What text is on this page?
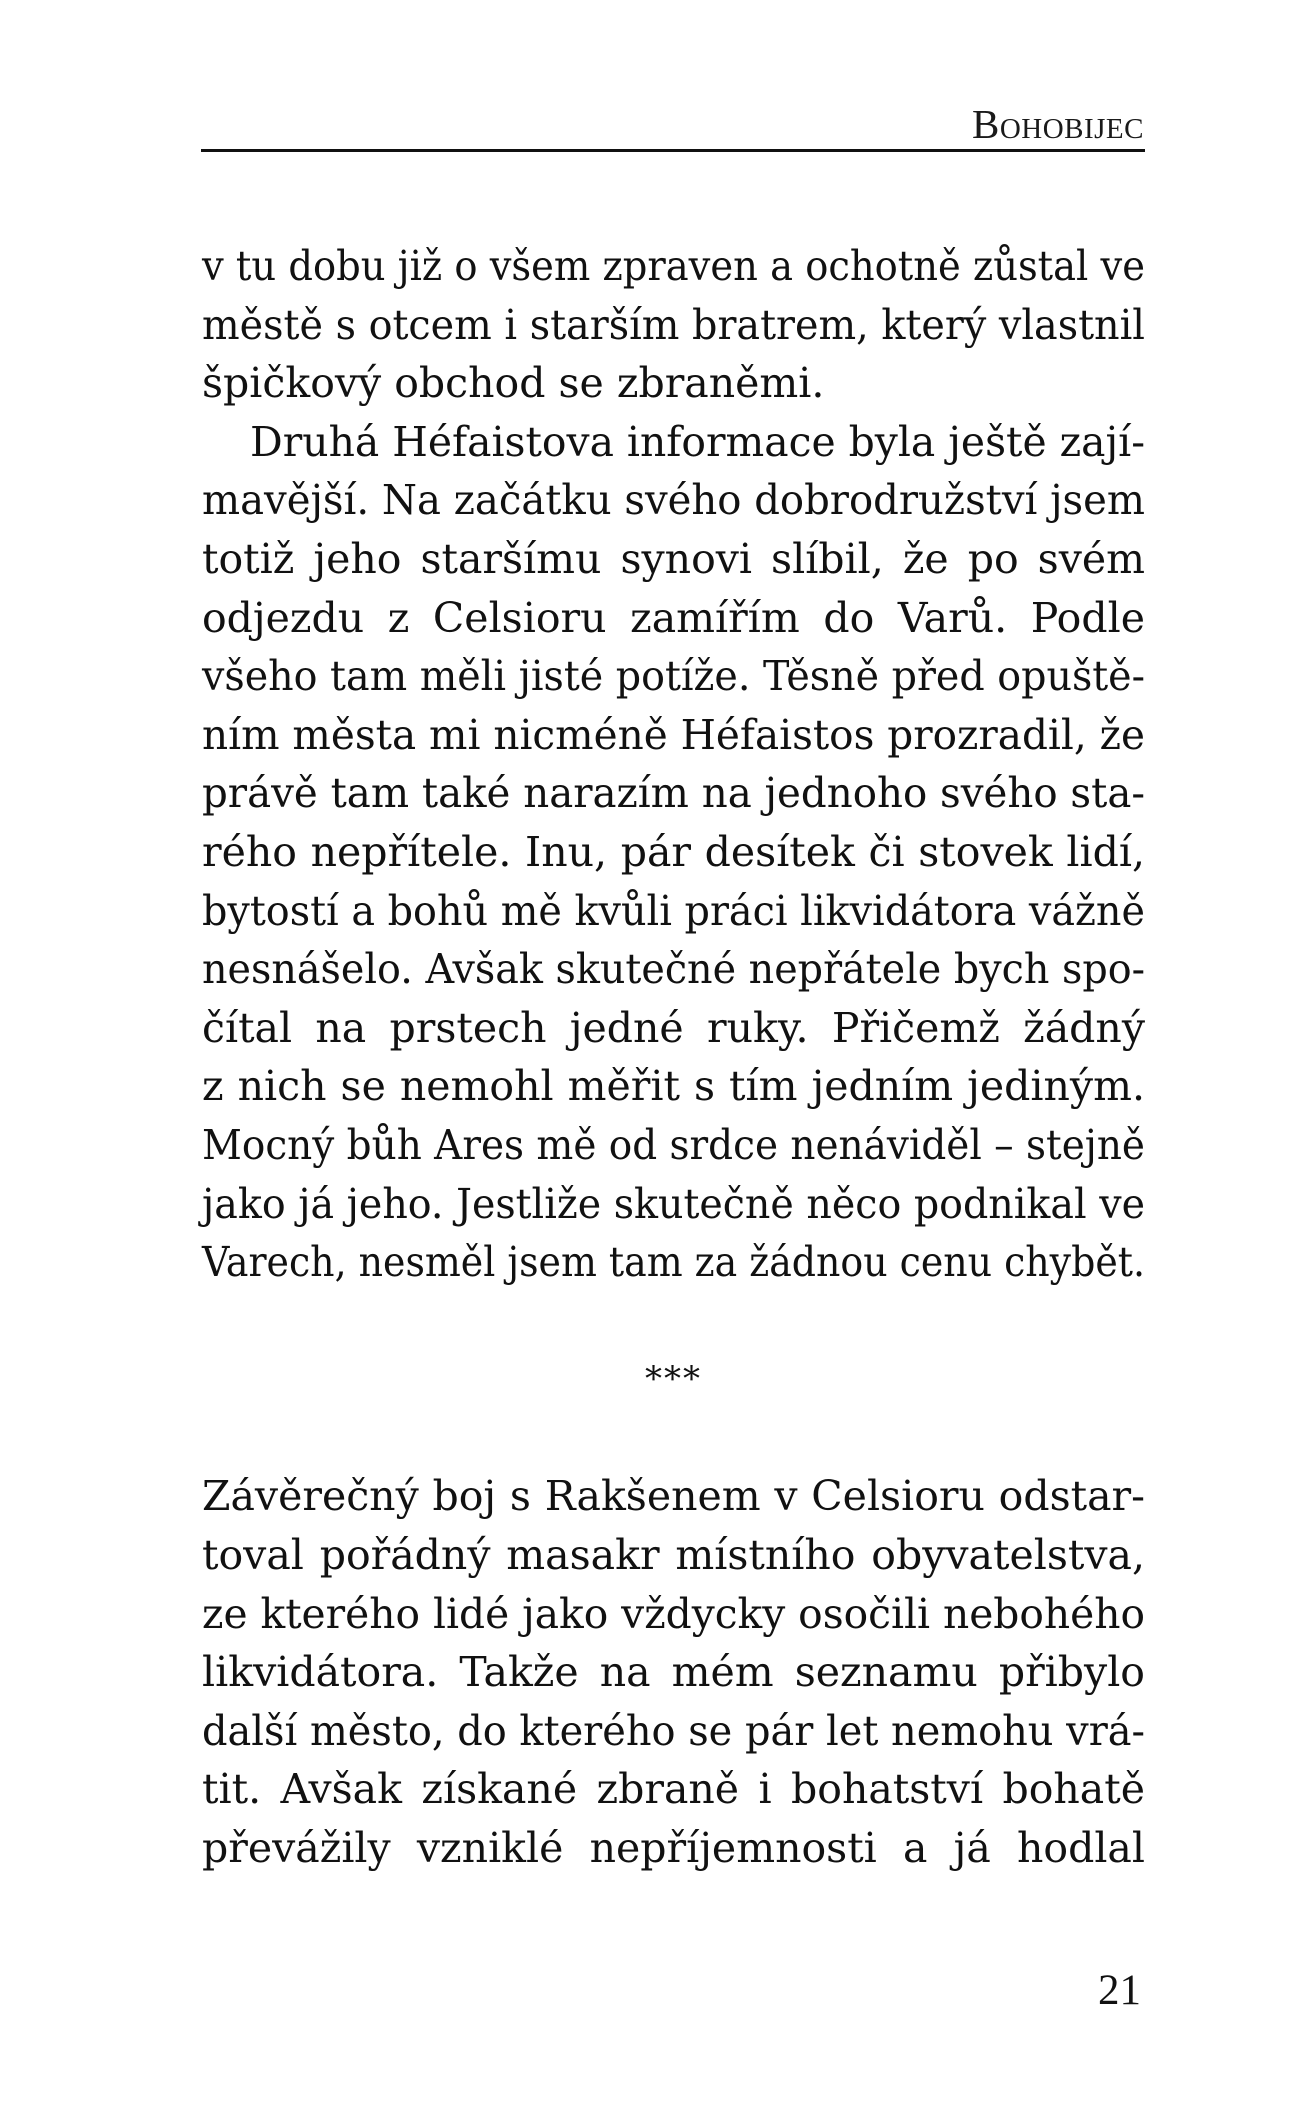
Bohobijec
v tu dobu již o všem zpraven a ochotně zůstal ve
městě s otcem i starším bratrem, který vlastnil
špičkový obchod se zbraněmi.
Druhá Héfaistova informace byla ještě zají-
mavější. Na začátku svého dobrodružství jsem
totiž jeho staršímu synovi slíbil, že po svém
odjezdu z Celsioru zamířím do Varů. Podle
všeho tam měli jisté potíže. Těsně před opuště-
ním města mi nicméně Héfaistos prozradil, že
právě tam také narazím na jednoho svého sta-
rého nepřítele. Inu, pár desítek či stovek lidí,
bytostí a bohů mě kvůli práci likvidátora vážně
nesnášelo. Avšak skutečné nepřátele bych spo-
čítal na prstech jedné ruky. Přičemž žádný
z nich se nemohl měřit s tím jedním jediným.
Mocný bůh Ares mě od srdce nenáviděl – stejně
jako já jeho. Jestliže skutečně něco podnikal ve
Varech, nesměl jsem tam za žádnou cenu chybět.
***
Závěrečný boj s Rakšenem v Celsioru odstar-
toval pořádný masakr místního obyvatelstva,
ze kterého lidé jako vždycky osočili nebohého
likvidátora. Takže na mém seznamu přibylo
další město, do kterého se pár let nemohu vrá-
tit. Avšak získané zbraně i bohatství bohatě
převážily vzniklé nepříjemnosti a já hodlal
21
